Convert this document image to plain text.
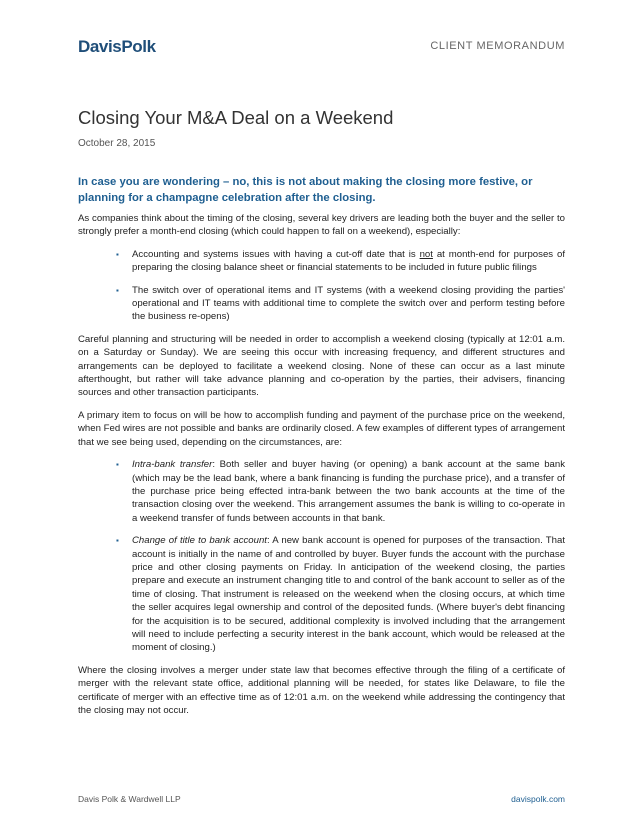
DavisPolk	CLIENT MEMORANDUM
Closing Your M&A Deal on a Weekend
October 28, 2015
In case you are wondering – no, this is not about making the closing more festive, or planning for a champagne celebration after the closing.

As companies think about the timing of the closing, several key drivers are leading both the buyer and the seller to strongly prefer a month-end closing (which could happen to fall on a weekend), especially:

▪ Accounting and systems issues with having a cut-off date that is not at month-end for purposes of preparing the closing balance sheet or financial statements to be included in future public filings
▪ The switch over of operational items and IT systems (with a weekend closing providing the parties' operational and IT teams with additional time to complete the switch over and perform testing before the business re-opens)

Careful planning and structuring will be needed in order to accomplish a weekend closing (typically at 12:01 a.m. on a Saturday or Sunday). We are seeing this occur with increasing frequency, and different structures and arrangements can be deployed to facilitate a weekend closing. None of these can occur as a last minute afterthought, but rather will take advance planning and co-operation by the parties, their advisers, financing sources and other transaction participants.

A primary item to focus on will be how to accomplish funding and payment of the purchase price on the weekend, when Fed wires are not possible and banks are ordinarily closed. A few examples of different types of arrangement that we see being used, depending on the circumstances, are:

▪ Intra-bank transfer: Both seller and buyer having (or opening) a bank account at the same bank (which may be the lead bank, where a bank financing is funding the purchase price), and a transfer of the purchase price being effected intra-bank between the two bank accounts at the time of the transaction closing over the weekend. This arrangement assumes the bank is willing to co-operate in a weekend transfer of funds between accounts in that bank.
▪ Change of title to bank account: A new bank account is opened for purposes of the transaction. That account is initially in the name of and controlled by buyer. Buyer funds the account with the purchase price and other closing payments on Friday. In anticipation of the weekend closing, the parties prepare and execute an instrument changing title to and control of the bank account to seller as of the time of closing. That instrument is released on the weekend when the closing occurs, at which time the seller acquires legal ownership and control of the deposited funds. (Where buyer's debt financing for the acquisition is to be secured, additional complexity is involved including that the arrangement will need to include perfecting a security interest in the bank account, which would be released at the moment of closing.)

Where the closing involves a merger under state law that becomes effective through the filing of a certificate of merger with the relevant state office, additional planning will be needed, for states like Delaware, to file the certificate of merger with an effective time as of 12:01 a.m. on the weekend while addressing the contingency that the closing may not occur.

Davis Polk & Wardwell LLP	davispolk.com
